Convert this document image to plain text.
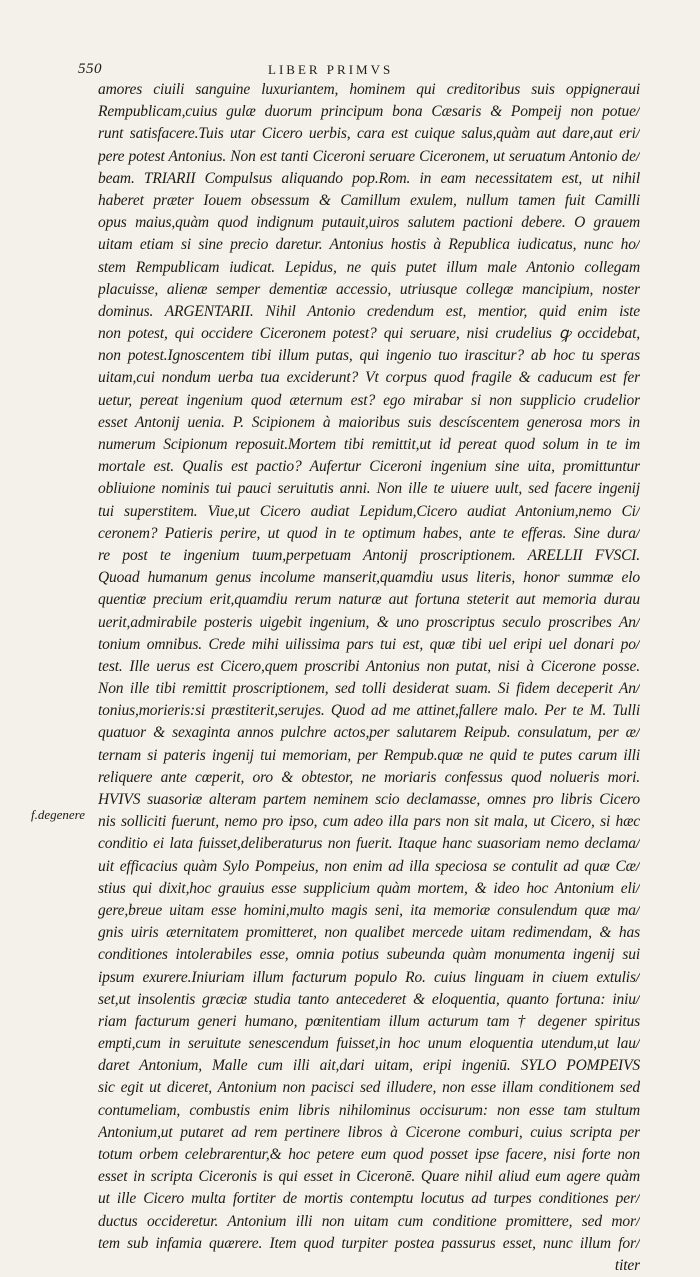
550	LIBER PRIMVS
f.degenere
amores ciuili sanguine luxuriantem, hominem qui creditoribus suis oppigneraui
Rempublicam,cuius gulæ duorum principum bona Cæsaris & Pompeij non potue/
runt satisfacere.Tuis utar Cicero uerbis, cara est cuique salus,quàm aut dare,aut eri/
pere potest Antonius. Non est tanti Ciceroni seruare Ciceronem, ut seruatum Antonio de/
beam. TRIARII Compulsus aliquando pop.Rom. in eam necessitatem est, ut nihil
haberet præter Iouem obsessum & Camillum exulem, nullum tamen fuit Camilli
opus maius,quàm quod indignum putauit,uiros salutem pactioni debere. O grauem
uitam etiam si sine precio daretur. Antonius hostis à Republica iudicatus, nunc ho/
stem Rempublicam iudicat. Lepidus, ne quis putet illum male Antonio collegam
placuisse, alienæ semper dementiæ accessio, utriusque collegæ mancipium, noster
dominus. ARGENTARII. Nihil Antonio credendum est, mentior, quid enim iste
non potest, qui occidere Ciceronem potest? qui seruare, nisi crudelius ꝙ occidebat,
non potest.Ignoscentem tibi illum putas, qui ingenio tuo irascitur? ab hoc tu speras
uitam,cui nondum uerba tua exciderunt? Vt corpus quod fragile & caducum est fer
uetur, pereat ingenium quod æternum est? ego mirabar si non supplicio crudelior
esset Antonij uenia. P. Scipionem à maioribus suis descíscentem generosa mors in
numerum Scipionum reposuit.Mortem tibi remittit,ut id pereat quod solum in te im
mortale est. Qualis est pactio? Aufertur Ciceroni ingenium sine uita, promittuntur
obliuione nominis tui pauci seruitutis anni. Non ille te uiuere uult, sed facere ingenij
tui superstitem. Viue,ut Cicero audiat Lepidum,Cicero audiat Antonium,nemo Ci/
ceronem? Patieris perire, ut quod in te optimum habes, ante te efferas. Sine dura/
re post te ingenium tuum,perpetuam Antonij proscriptionem. ARELLII FVSCI.
Quoad humanum genus incolume manserit,quamdiu usus literis, honor summæ elo
quentiæ precium erit,quamdiu rerum naturæ aut fortuna steterit aut memoria durau
uerit,admirabile posteris uigebit ingenium, & uno proscriptus seculo proscribes An/
tonium omnibus. Crede mihi uilissima pars tui est, quæ tibi uel eripi uel donari po/
test. Ille uerus est Cicero,quem proscribi Antonius non putat, nisi à Cicerone posse.
Non ille tibi remittit proscriptionem, sed tolli desiderat suam. Si fidem deceperit An/
tonius,morieris:si præstiterit,serujes. Quod ad me attinet,fallere malo. Per te M. Tulli
quatuor & sexaginta annos pulchre actos,per salutarem Reipub. consulatum, per æ/
ternam si pateris ingenij tui memoriam, per Rempub.quæ ne quid te putes carum illi
reliquere ante cœperit, oro & obtestor, ne moriaris confessus quod nolueris mori.
HVIVS suasoriæ alteram partem neminem scio declamasse, omnes pro libris Cicero
nis solliciti fuerunt, nemo pro ipso, cum adeo illa pars non sit mala, ut Cicero, si hæc
conditio ei lata fuisset,deliberaturus non fuerit. Itaque hanc suasoriam nemo declama/
uit efficacius quàm Sylo Pompeius, non enim ad illa speciosa se contulit ad quæ Cæ/
stius qui dixit,hoc grauius esse supplicium quàm mortem, & ideo hoc Antonium eli/
gere,breue uitam esse homini,multo magis seni, ita memoriæ consulendum quæ ma/
gnis uiris æternitatem promitteret, non qualibet mercede uitam redimendam, & has
conditiones intolerabiles esse, omnia potius subeunda quàm monumenta ingenij sui
ipsum exurere.Iniuriam illum facturum populo Ro. cuius linguam in ciuem extulis/
set,ut insolentis græciæ studia tanto antecederet & eloquentia, quanto fortuna: iniu/
riam facturum generi humano, pœnitentiam illum acturum tam † degener spiritus
empti,cum in seruitute senescendum fuisset,in hoc unum eloquentia utendum,ut lau/
daret Antonium, Malle cum illi ait,dari uitam, eripi ingeniū. SYLO POMPEIVS
sic egit ut diceret, Antonium non pacisci sed illudere, non esse illam conditionem sed
contumeliam, combustis enim libris nihilominus occisurum: non esse tam stultum
Antonium,ut putaret ad rem pertinere libros à Cicerone comburi, cuius scripta per
totum orbem celebrarentur,& hoc petere eum quod posset ipse facere, nisi forte non
esset in scripta Ciceronis is qui esset in Ciceronē. Quare nihil aliud eum agere quàm
ut ille Cicero multa fortiter de mortis contemptu locutus ad turpes conditiones per/
ductus occideretur. Antonium illi non uitam cum conditione promittere, sed mor/
tem sub infamia quærere. Item quod turpiter postea passurus esset, nunc illum for/
titer
